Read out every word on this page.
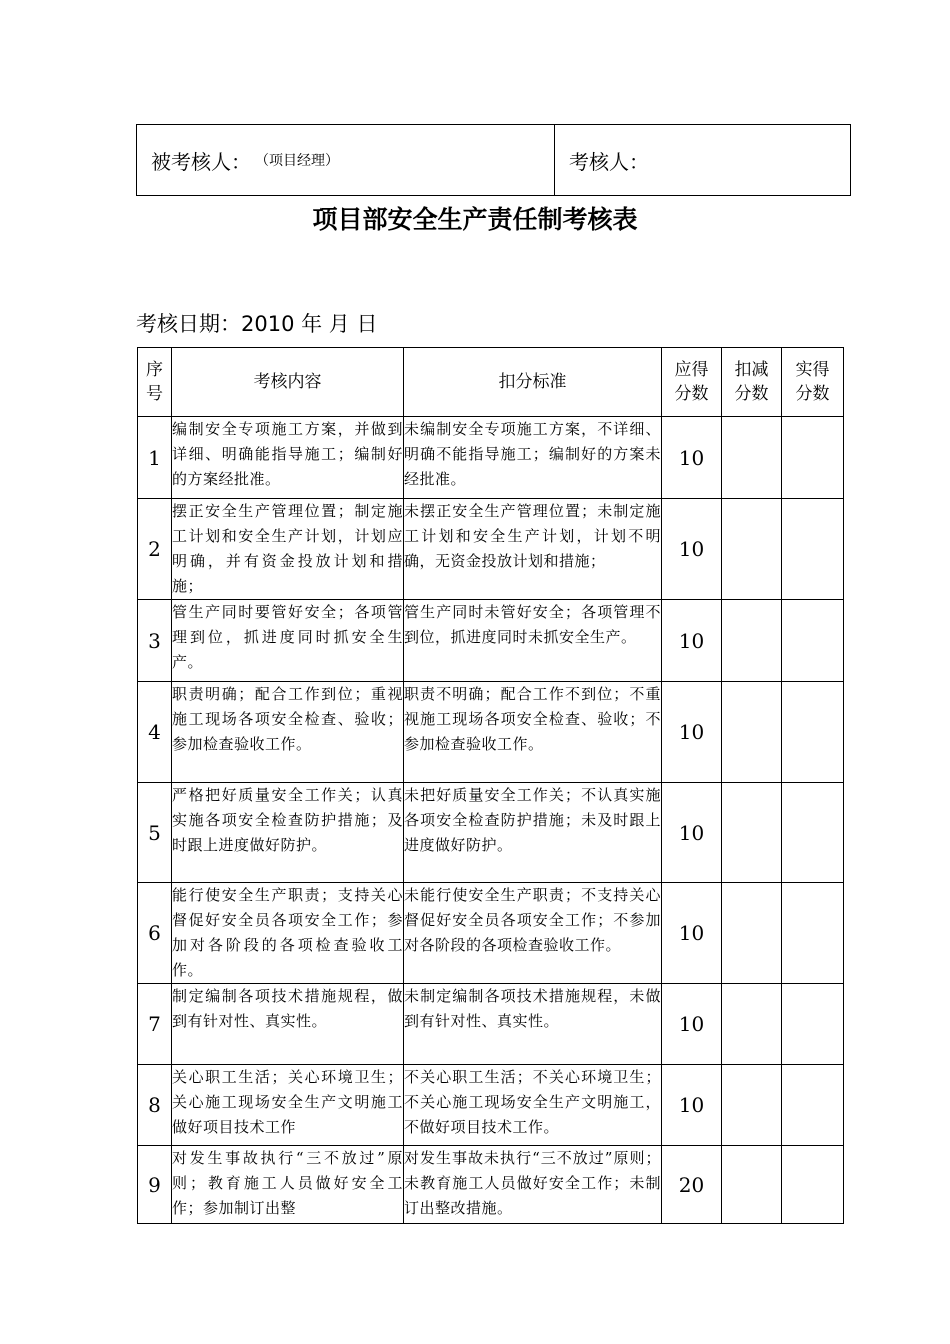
被考核人： （项目经理）	考核人：
项目部安全生产责任制考核表
考核日期：2010 年 月 日
序号	考核内容	扣分标准	应得分数	扣减分数	实得分数
1	编制安全专项施工方案，并做到详细、明确能指导施工；编制好的方案经批准。	未编制安全专项施工方案，不详细、明确不能指导施工；编制好的方案未经批准。	10		
2	摆正安全生产管理位置；制定施工计划和安全生产计划，计划应明确，并有资金投放计划和措施；	未摆正安全生产管理位置；未制定施工计划和安全生产计划，计划不明确，无资金投放计划和措施；	10		
3	管生产同时要管好安全；各项管理到位，抓进度同时抓安全生产。	管生产同时未管好安全；各项管理不到位，抓进度同时未抓安全生产。	10		
4	职责明确；配合工作到位；重视施工现场各项安全检查、验收；参加检查验收工作。	职责不明确；配合工作不到位；不重视施工现场各项安全检查、验收；不参加检查验收工作。	10		
5	严格把好质量安全工作关；认真实施各项安全检查防护措施；及时跟上进度做好防护。	未把好质量安全工作关；不认真实施各项安全检查防护措施；未及时跟上进度做好防护。	10		
6	能行使安全生产职责；支持关心督促好安全员各项安全工作；参加对各阶段的各项检查验收工作。	未能行使安全生产职责；不支持关心督促好安全员各项安全工作；不参加对各阶段的各项检查验收工作。	10		
7	制定编制各项技术措施规程，做到有针对性、真实性。	未制定编制各项技术措施规程，未做到有针对性、真实性。	10		
8	关心职工生活；关心环境卫生；关心施工现场安全生产文明施工做好项目技术工作	不关心职工生活；不关心环境卫生；不关心施工现场安全生产文明施工，不做好项目技术工作。	10		
9	对发生事故执行“三不放过”原则；教育施工人员做好安全工作；参加制订出整	对发生事故未执行“三不放过”原则；未教育施工人员做好安全工作；未制订出整改措施。	20		
